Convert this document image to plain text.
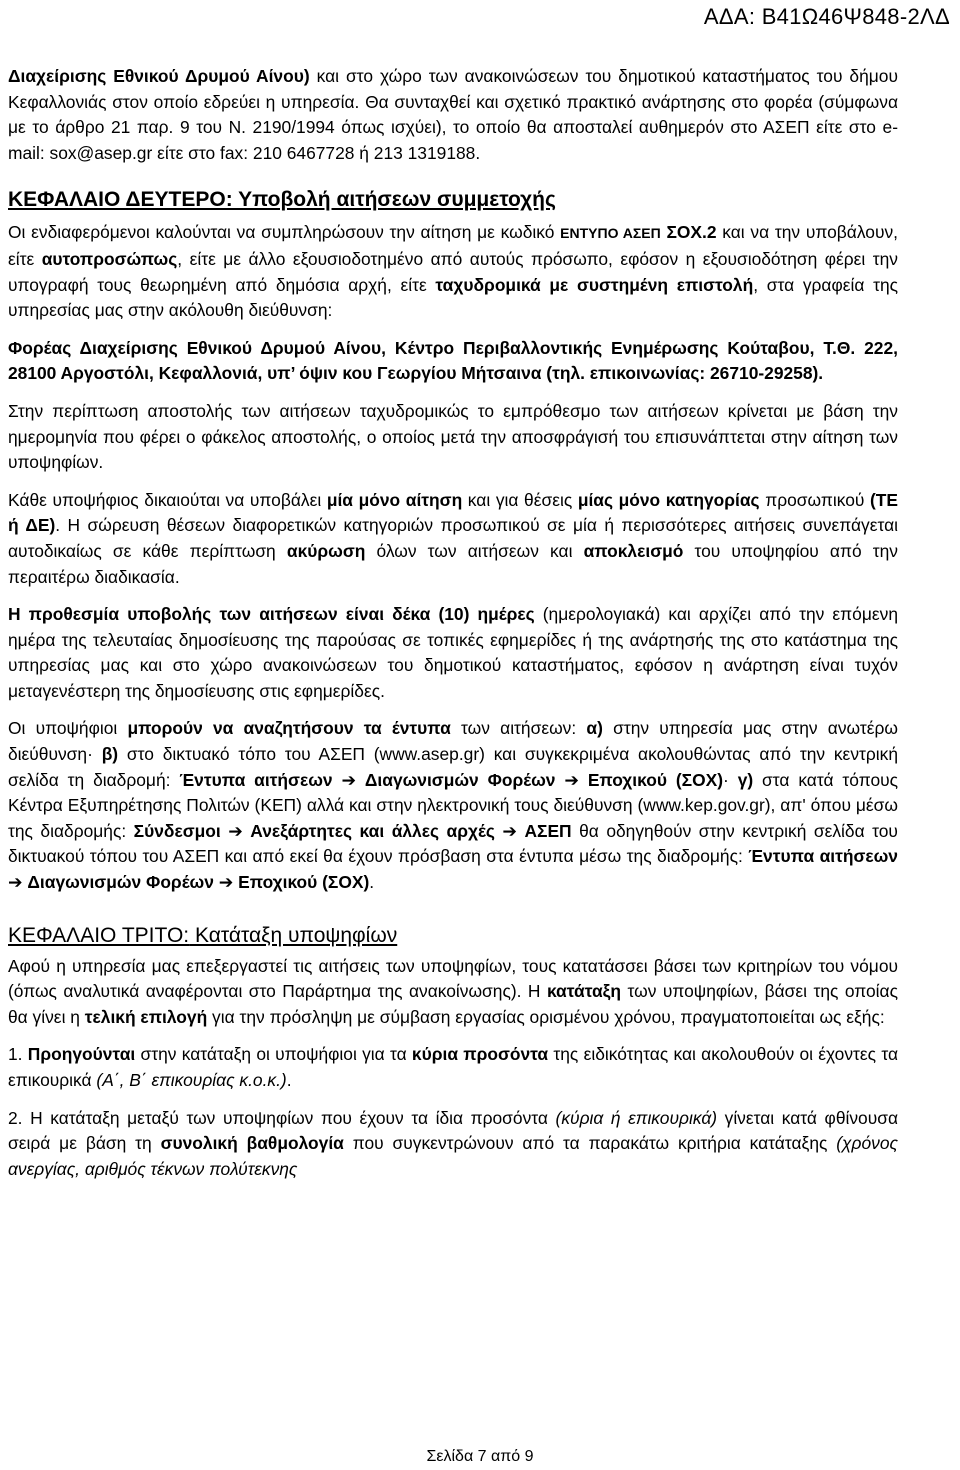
ΑΔΑ: Β41Ω46Ψ848-2ΛΔ

Διαχείρισης Εθνικού Δρυμού Αίνου) και στο χώρο των ανακοινώσεων του δημοτικού καταστήματος του δήμου Κεφαλλονιάς στον οποίο εδρεύει η υπηρεσία. Θα συνταχθεί και σχετικό πρακτικό ανάρτησης στο φορέα (σύμφωνα με το άρθρο 21 παρ. 9 του Ν. 2190/1994 όπως ισχύει), το οποίο θα αποσταλεί αυθημερόν στο ΑΣΕΠ είτε στο e-mail: sox@asep.gr είτε στο fax: 210 6467728 ή 213 1319188.

ΚΕΦΑΛΑΙΟ ΔΕΥΤΕΡΟ: Υποβολή αιτήσεων συμμετοχής

Οι ενδιαφερόμενοι καλούνται να συμπληρώσουν την αίτηση με κωδικό ΕΝΤΥΠΟ ΑΣΕΠ ΣΟΧ.2 και να την υποβάλουν, είτε αυτοπροσώπως, είτε με άλλο εξουσιοδοτημένο από αυτούς πρόσωπο, εφόσον η εξουσιοδότηση φέρει την υπογραφή τους θεωρημένη από δημόσια αρχή, είτε ταχυδρομικά με συστημένη επιστολή, στα γραφεία της υπηρεσίας μας στην ακόλουθη διεύθυνση:

Φορέας Διαχείρισης Εθνικού Δρυμού Αίνου, Κέντρο Περιβαλλοντικής Ενημέρωσης Κούταβου, Τ.Θ. 222, 28100 Αργοστόλι, Κεφαλλονιά, υπ’ όψιν κου Γεωργίου Μήτσαινα (τηλ. επικοινωνίας: 26710-29258).

Στην περίπτωση αποστολής των αιτήσεων ταχυδρομικώς το εμπρόθεσμο των αιτήσεων κρίνεται με βάση την ημερομηνία που φέρει ο φάκελος αποστολής, ο οποίος μετά την αποσφράγισή του επισυνάπτεται στην αίτηση των υποψηφίων.

Κάθε υποψήφιος δικαιούται να υποβάλει μία μόνο αίτηση και για θέσεις μίας μόνο κατηγορίας προσωπικού (ΤΕ ή ΔΕ). Η σώρευση θέσεων διαφορετικών κατηγοριών προσωπικού σε μία ή περισσότερες αιτήσεις συνεπάγεται αυτοδικαίως σε κάθε περίπτωση ακύρωση όλων των αιτήσεων και αποκλεισμό του υποψηφίου από την περαιτέρω διαδικασία.

Η προθεσμία υποβολής των αιτήσεων είναι δέκα (10) ημέρες (ημερολογιακά) και αρχίζει από την επόμενη ημέρα της τελευταίας δημοσίευσης της παρούσας σε τοπικές εφημερίδες ή της ανάρτησής της στο κατάστημα της υπηρεσίας μας και στο χώρο ανακοινώσεων του δημοτικού καταστήματος, εφόσον η ανάρτηση είναι τυχόν μεταγενέστερη της δημοσίευσης στις εφημερίδες.

Οι υποψήφιοι μπορούν να αναζητήσουν τα έντυπα των αιτήσεων: α) στην υπηρεσία μας στην ανωτέρω διεύθυνση· β) στο δικτυακό τόπο του ΑΣΕΠ (www.asep.gr) και συγκεκριμένα ακολουθώντας από την κεντρική σελίδα τη διαδρομή: Έντυπα αιτήσεων ➔ Διαγωνισμών Φορέων ➔ Εποχικού (ΣΟΧ)· γ) στα κατά τόπους Κέντρα Εξυπηρέτησης Πολιτών (ΚΕΠ) αλλά και στην ηλεκτρονική τους διεύθυνση (www.kep.gov.gr), απ' όπου μέσω της διαδρομής: Σύνδεσμοι ➔ Ανεξάρτητες και άλλες αρχές ➔ ΑΣΕΠ θα οδηγηθούν στην κεντρική σελίδα του δικτυακού τόπου του ΑΣΕΠ και από εκεί θα έχουν πρόσβαση στα έντυπα μέσω της διαδρομής: Έντυπα αιτήσεων ➔ Διαγωνισμών Φορέων ➔ Εποχικού (ΣΟΧ).

ΚΕΦΑΛΑΙΟ ΤΡΙΤΟ: Κατάταξη υποψηφίων

Αφού η υπηρεσία μας επεξεργαστεί τις αιτήσεις των υποψηφίων, τους κατατάσσει βάσει των κριτηρίων του νόμου (όπως αναλυτικά αναφέρονται στο Παράρτημα της ανακοίνωσης). Η κατάταξη των υποψηφίων, βάσει της οποίας θα γίνει η τελική επιλογή για την πρόσληψη με σύμβαση εργασίας ορισμένου χρόνου, πραγματοποιείται ως εξής:

1. Προηγούνται στην κατάταξη οι υποψήφιοι για τα κύρια προσόντα της ειδικότητας και ακολουθούν οι έχοντες τα επικουρικά (Α΄, Β΄ επικουρίας κ.ο.κ.).

2. Η κατάταξη μεταξύ των υποψηφίων που έχουν τα ίδια προσόντα (κύρια ή επικουρικά) γίνεται κατά φθίνουσα σειρά με βάση τη συνολική βαθμολογία που συγκεντρώνουν από τα παρακάτω κριτήρια κατάταξης (χρόνος ανεργίας, αριθμός τέκνων πολύτεκνης

Σελίδα 7 από 9
